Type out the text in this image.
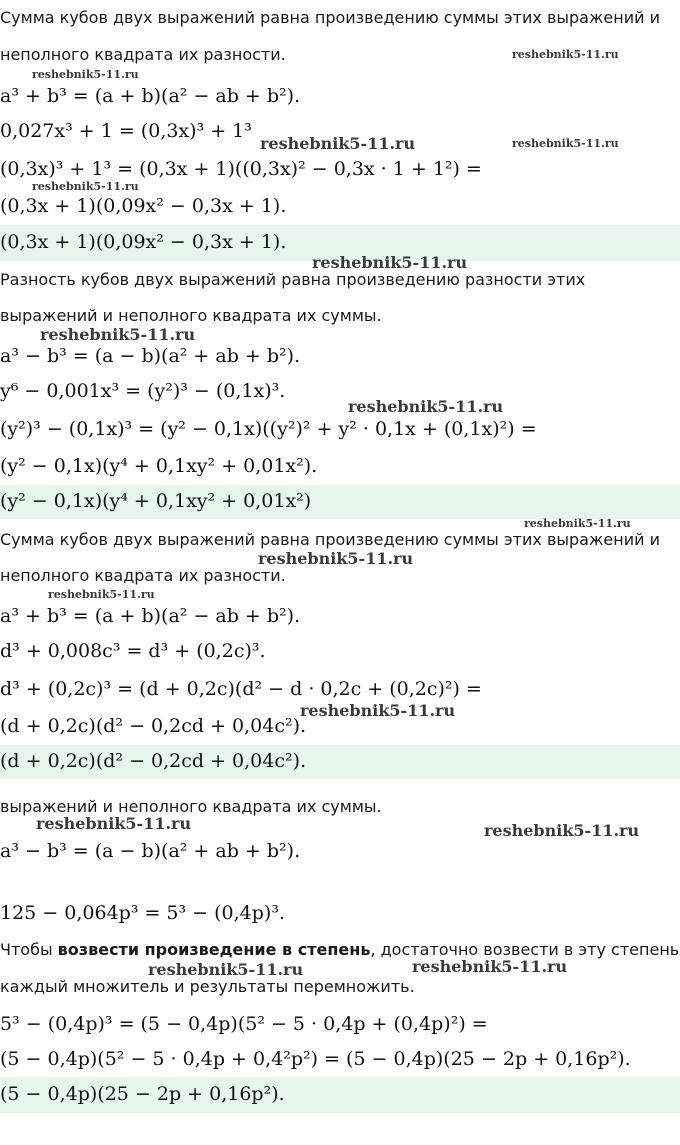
Сумма кубов двух выражений равна произведению суммы этих выражений и
неполного квадрата их разности.
a³ + b³ = (a + b)(a² − ab + b²).
0,027x³ + 1 = (0,3x)³ + 1³
(0,3x)³ + 1³ = (0,3x + 1)((0,3x)² − 0,3x · 1 + 1²) =
(0,3x + 1)(0,09x² − 0,3x + 1).
(0,3x + 1)(0,09x² − 0,3x + 1).
Разность кубов двух выражений равна произведению разности этих
выражений и неполного квадрата их суммы.
a³ − b³ = (a − b)(a² + ab + b²).
y⁶ − 0,001x³ = (y²)³ − (0,1x)³.
(y²)³ − (0,1x)³ = (y² − 0,1x)((y²)² + y² · 0,1x + (0,1x)²) =
(y² − 0,1x)(y⁴ + 0,1xy² + 0,01x²).
(y² − 0,1x)(y⁴ + 0,1xy² + 0,01x²)
Сумма кубов двух выражений равна произведению суммы этих выражений и
неполного квадрата их разности.
a³ + b³ = (a + b)(a² − ab + b²).
d³ + 0,008c³ = d³ + (0,2c)³.
d³ + (0,2c)³ = (d + 0,2c)(d² − d · 0,2c + (0,2c)²) =
(d + 0,2c)(d² − 0,2cd + 0,04c²).
(d + 0,2c)(d² − 0,2cd + 0,04c²).
выражений и неполного квадрата их суммы.
a³ − b³ = (a − b)(a² + ab + b²).
125 − 0,064p³ = 5³ − (0,4p)³.
Чтобы возвести произведение в степень, достаточно возвести в эту степень
каждый множитель и результаты перемножить.
5³ − (0,4p)³ = (5 − 0,4p)(5² − 5 · 0,4p + (0,4p)²) =
(5 − 0,4p)(5² − 5 · 0,4p + 0,4²p²) = (5 − 0,4p)(25 − 2p + 0,16p²).
(5 − 0,4p)(25 − 2p + 0,16p²).
reshebnik5-11.ru
reshebnik5-11.ru
reshebnik5-11.ru	reshebnik5-11.ru
reshebnik5-11.ru
reshebnik5-11.ru
reshebnik5-11.ru
reshebnik5-11.ru
reshebnik5-11.ru
reshebnik5-11.ru
reshebnik5-11.ru
reshebnik5-11.ru
reshebnik5-11.ru	reshebnik5-11.ru
reshebnik5-11.ru	reshebnik5-11.ru
